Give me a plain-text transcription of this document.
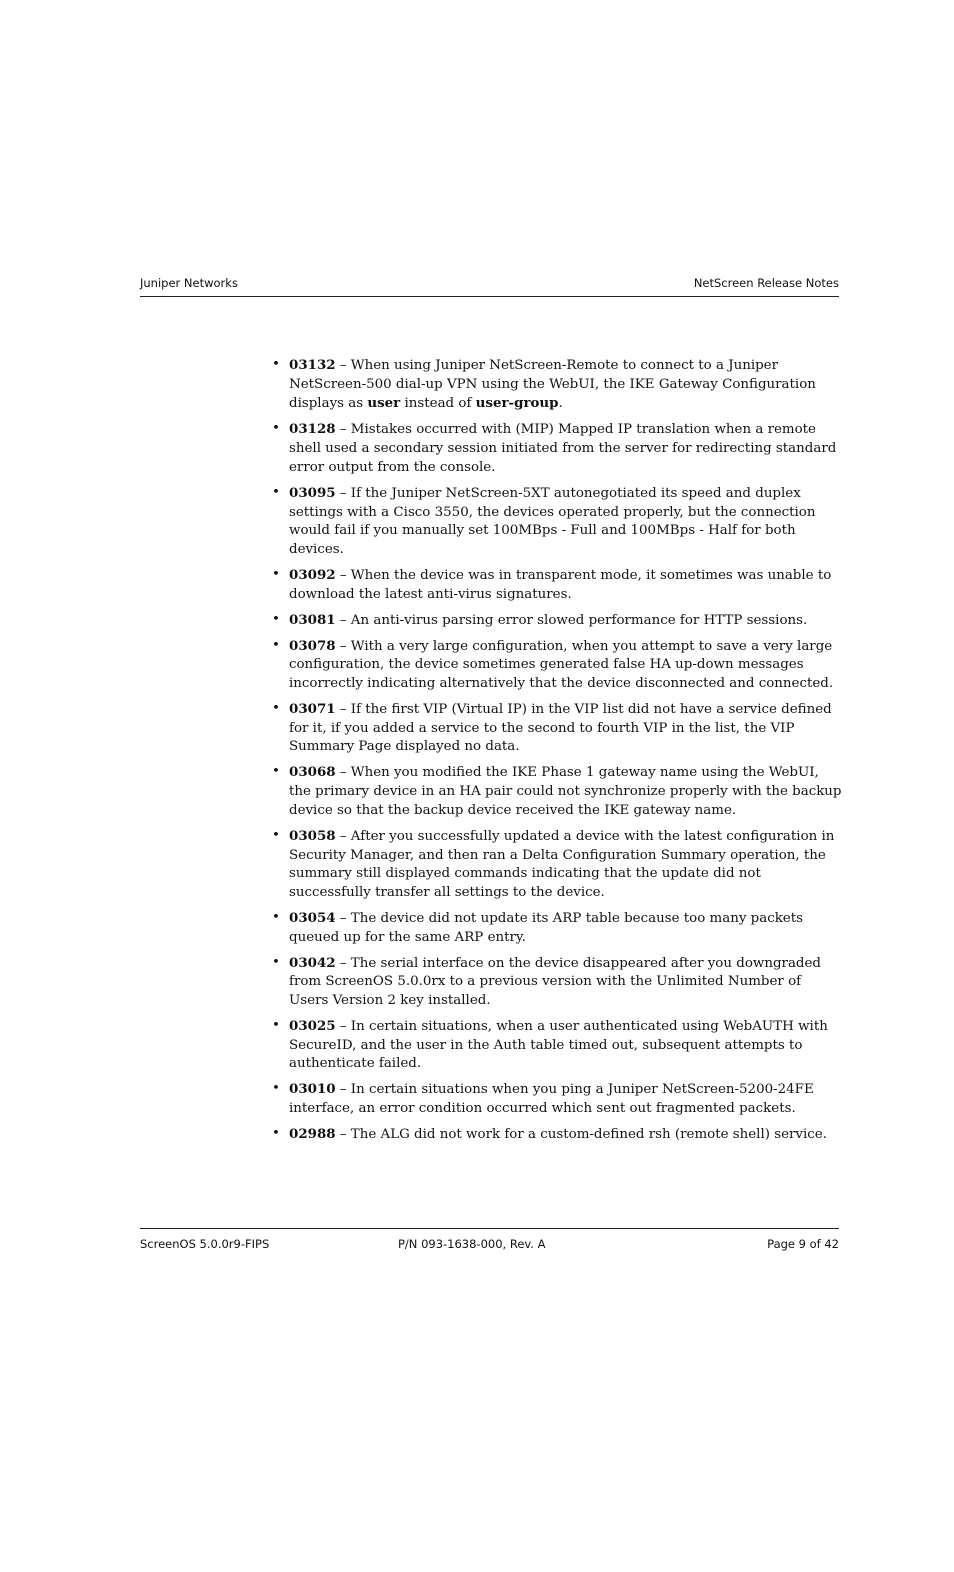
Juniper Networks	NetScreen Release Notes
• 03132 – When using Juniper NetScreen-Remote to connect to a Juniper NetScreen-500 dial-up VPN using the WebUI, the IKE Gateway Configuration displays as user instead of user-group.
• 03128 – Mistakes occurred with (MIP) Mapped IP translation when a remote shell used a secondary session initiated from the server for redirecting standard error output from the console.
• 03095 – If the Juniper NetScreen-5XT autonegotiated its speed and duplex settings with a Cisco 3550, the devices operated properly, but the connection would fail if you manually set 100MBps - Full and 100MBps - Half for both devices.
• 03092 – When the device was in transparent mode, it sometimes was unable to download the latest anti-virus signatures.
• 03081 – An anti-virus parsing error slowed performance for HTTP sessions.
• 03078 – With a very large configuration, when you attempt to save a very large configuration, the device sometimes generated false HA up-down messages incorrectly indicating alternatively that the device disconnected and connected.
• 03071 – If the first VIP (Virtual IP) in the VIP list did not have a service defined for it, if you added a service to the second to fourth VIP in the list, the VIP Summary Page displayed no data.
• 03068 – When you modified the IKE Phase 1 gateway name using the WebUI, the primary device in an HA pair could not synchronize properly with the backup device so that the backup device received the IKE gateway name.
• 03058 – After you successfully updated a device with the latest configuration in Security Manager, and then ran a Delta Configuration Summary operation, the summary still displayed commands indicating that the update did not successfully transfer all settings to the device.
• 03054 – The device did not update its ARP table because too many packets queued up for the same ARP entry.
• 03042 – The serial interface on the device disappeared after you downgraded from ScreenOS 5.0.0rx to a previous version with the Unlimited Number of Users Version 2 key installed.
• 03025 – In certain situations, when a user authenticated using WebAUTH with SecureID, and the user in the Auth table timed out, subsequent attempts to authenticate failed.
• 03010 – In certain situations when you ping a Juniper NetScreen-5200-24FE interface, an error condition occurred which sent out fragmented packets.
• 02988 – The ALG did not work for a custom-defined rsh (remote shell) service.
ScreenOS 5.0.0r9-FIPS	P/N 093-1638-000, Rev. A	Page 9 of 42
